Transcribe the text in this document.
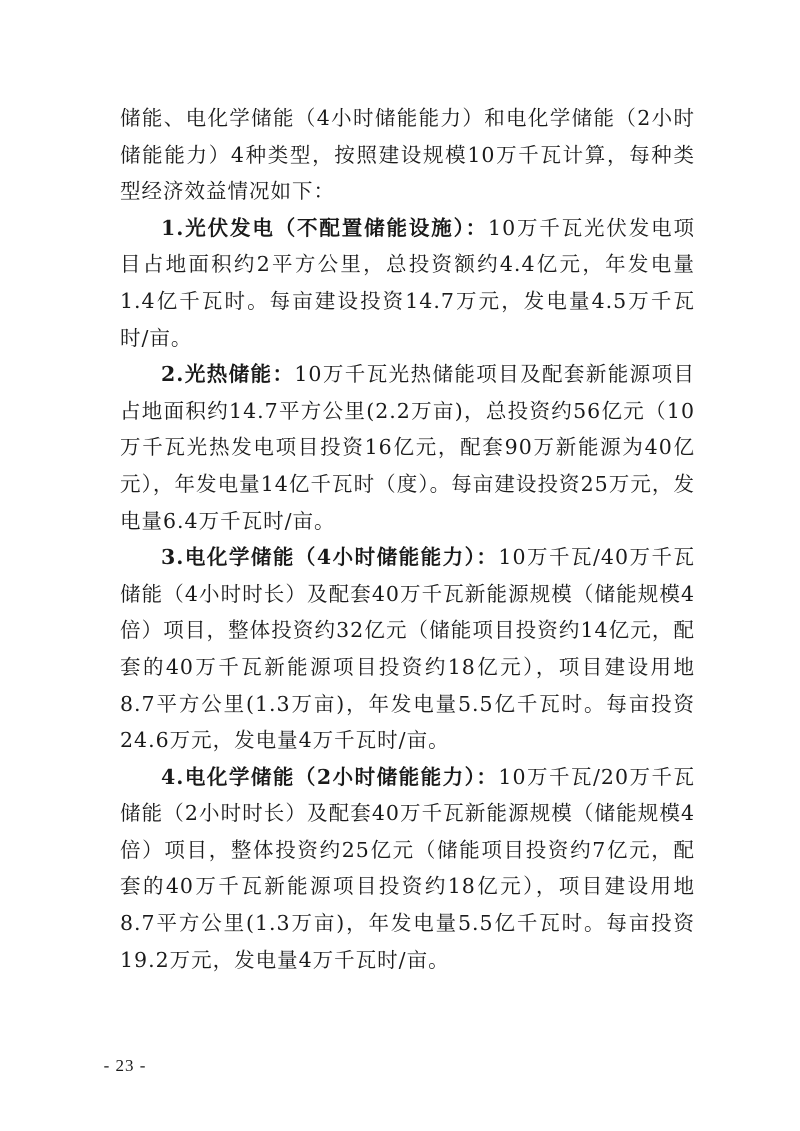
储能、电化学储能（4小时储能能力）和电化学储能（2小时储能能力）4种类型，按照建设规模10万千瓦计算，每种类型经济效益情况如下：

1.光伏发电（不配置储能设施）：10万千瓦光伏发电项目占地面积约2平方公里，总投资额约4.4亿元，年发电量1.4亿千瓦时。每亩建设投资14.7万元，发电量4.5万千瓦时/亩。

2.光热储能：10万千瓦光热储能项目及配套新能源项目占地面积约14.7平方公里(2.2万亩)，总投资约56亿元（10万千瓦光热发电项目投资16亿元，配套90万新能源为40亿元），年发电量14亿千瓦时（度）。每亩建设投资25万元，发电量6.4万千瓦时/亩。

3.电化学储能（4小时储能能力）：10万千瓦/40万千瓦储能（4小时时长）及配套40万千瓦新能源规模（储能规模4倍）项目，整体投资约32亿元（储能项目投资约14亿元，配套的40万千瓦新能源项目投资约18亿元），项目建设用地8.7平方公里(1.3万亩)，年发电量5.5亿千瓦时。每亩投资24.6万元，发电量4万千瓦时/亩。

4.电化学储能（2小时储能能力）：10万千瓦/20万千瓦储能（2小时时长）及配套40万千瓦新能源规模（储能规模4倍）项目，整体投资约25亿元（储能项目投资约7亿元，配套的40万千瓦新能源项目投资约18亿元），项目建设用地8.7平方公里(1.3万亩)，年发电量5.5亿千瓦时。每亩投资19.2万元，发电量4万千瓦时/亩。

- 23 -
